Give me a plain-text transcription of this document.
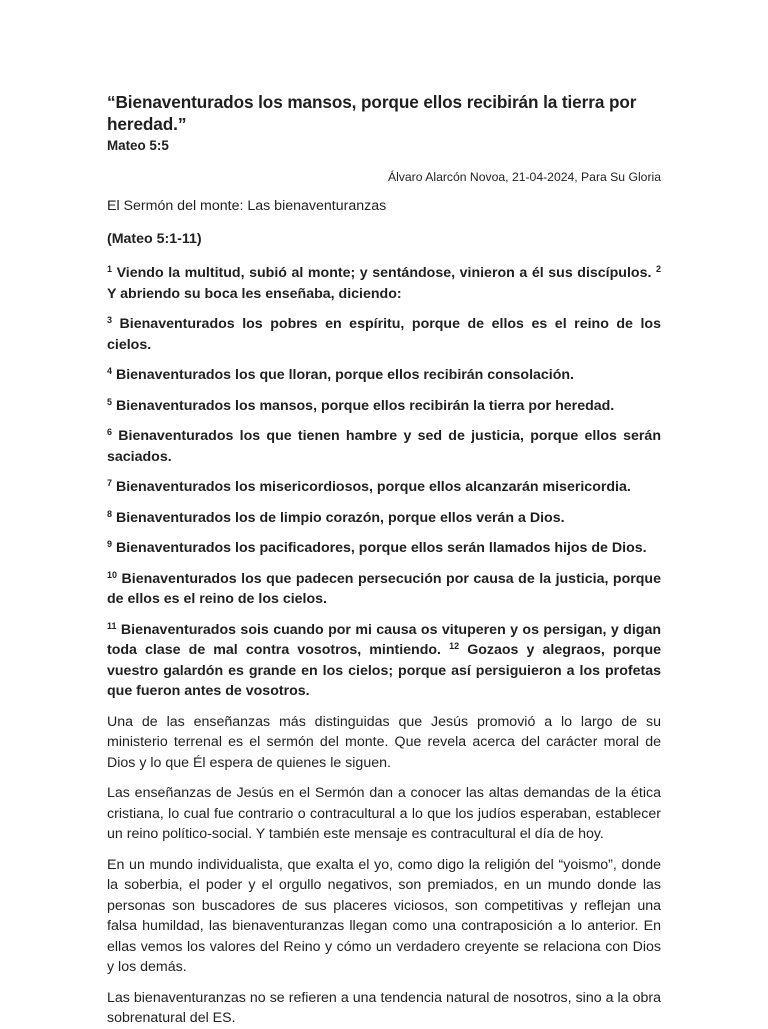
“Bienaventurados los mansos, porque ellos recibirán la tierra por heredad.”

Mateo 5:5

Álvaro Alarcón Novoa, 21-04-2024, Para Su Gloria

El Sermón del monte: Las bienaventuranzas

(Mateo 5:1-11)

$^1$ Viendo la multitud, subió al monte; y sentándose, vinieron a él sus discípulos. $^2$ Y abriendo su boca les enseñaba, diciendo:

$^3$ Bienaventurados los pobres en espíritu, porque de ellos es el reino de los cielos.

$^4$ Bienaventurados los que lloran, porque ellos recibirán consolación.

$^5$ Bienaventurados los mansos, porque ellos recibirán la tierra por heredad.

$^6$ Bienaventurados los que tienen hambre y sed de justicia, porque ellos serán saciados.

$^7$ Bienaventurados los misericordiosos, porque ellos alcanzarán misericordia.

$^8$ Bienaventurados los de limpio corazón, porque ellos verán a Dios.

$^9$ Bienaventurados los pacificadores, porque ellos serán llamados hijos de Dios.

$^{10}$ Bienaventurados los que padecen persecución por causa de la justicia, porque de ellos es el reino de los cielos.

$^{11}$ Bienaventurados sois cuando por mi causa os vituperen y os persigan, y digan toda clase de mal contra vosotros, mintiendo. $^{12}$ Gozaos y alegraos, porque vuestro galardón es grande en los cielos; porque así persiguieron a los profetas que fueron antes de vosotros.

Una de las enseñanzas más distinguidas que Jesús promovió a lo largo de su ministerio terrenal es el sermón del monte. Que revela acerca del carácter moral de Dios y lo que Él espera de quienes le siguen.

Las enseñanzas de Jesús en el Sermón dan a conocer las altas demandas de la ética cristiana, lo cual fue contrario o contracultural a lo que los judíos esperaban, establecer un reino político-social. Y también este mensaje es contracultural el día de hoy.

En un mundo individualista, que exalta el yo, como digo la religión del “yoismo”, donde la soberbia, el poder y el orgullo negativos, son premiados, en un mundo donde las personas son buscadores de sus placeres viciosos, son competitivas y reflejan una falsa humildad, las bienaventuranzas llegan como una contraposición a lo anterior. En ellas vemos los valores del Reino y cómo un verdadero creyente se relaciona con Dios y los demás.

Las bienaventuranzas no se refieren a una tendencia natural de nosotros, sino a la obra sobrenatural del ES.
